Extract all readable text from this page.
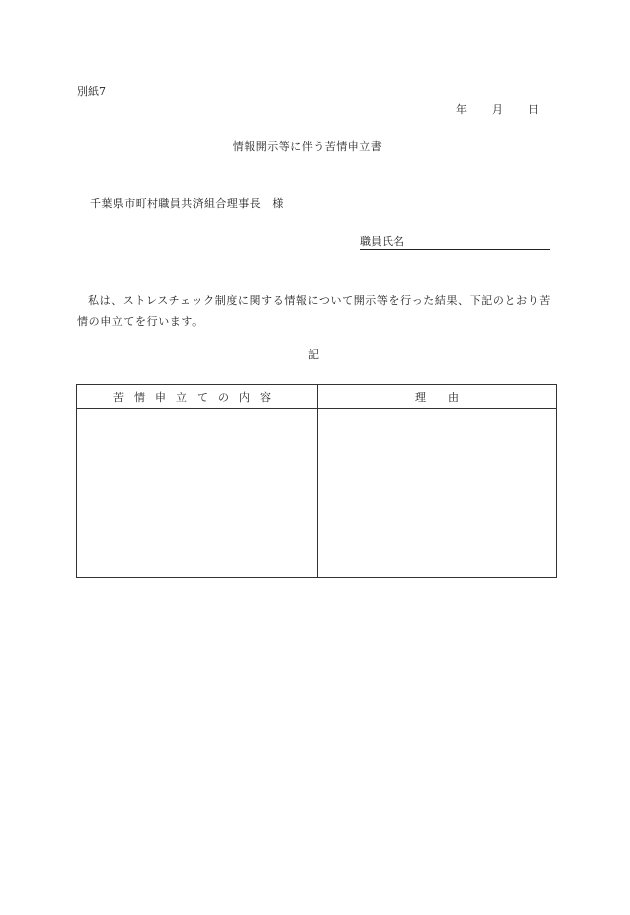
別紙7
年 月 日
情報開示等に伴う苦情申立書
千葉県市町村職員共済組合理事長　様
職員氏名
私は、ストレスチェック制度に関する情報について開示等を行った結果、下記のとおり苦情の申立てを行います。
記
苦情申立ての内容	理　　由
